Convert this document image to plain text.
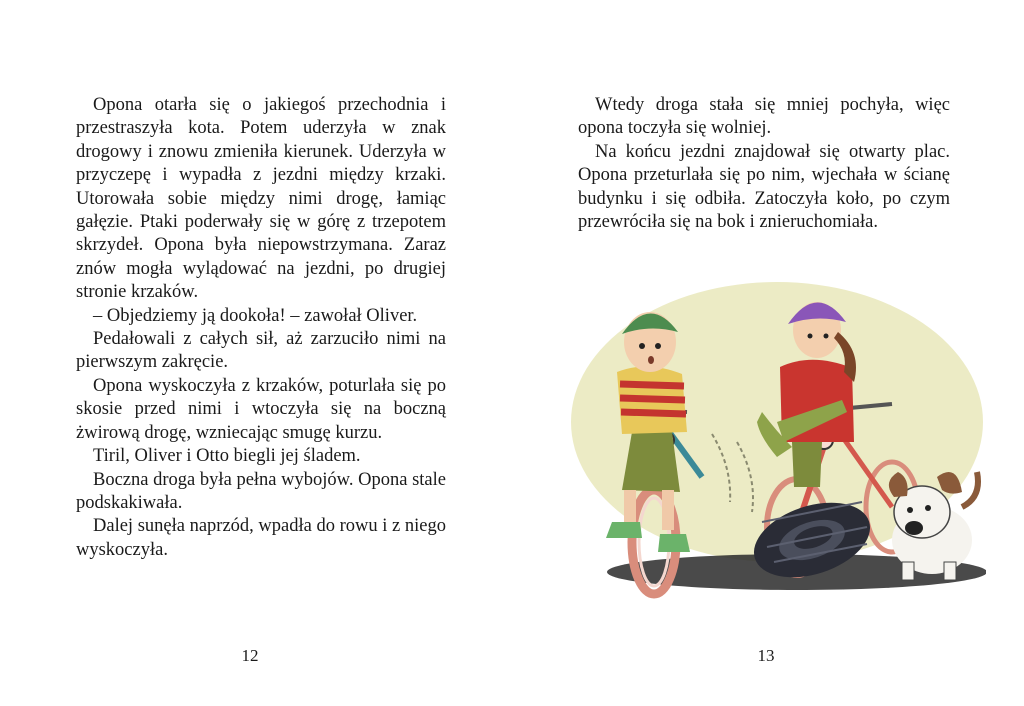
Opona otarła się o jakiegoś przechodnia i przestraszyła kota. Potem uderzyła w znak drogowy i znowu zmieniła kierunek. Uderzyła w przyczepę i wypadła z jezdni między krzaki. Utorowała sobie między nimi drogę, łamiąc gałęzie. Ptaki poderwały się w górę z trzepotem skrzydeł. Opona była niepowstrzymana. Zaraz znów mogła wylądować na jezdni, po drugiej stronie krzaków.

– Objedziemy ją dookoła! – zawołał Oliver.

Pedałowali z całych sił, aż zarzuciło nimi na pierwszym zakręcie.

Opona wyskoczyła z krzaków, poturlała się po skosie przed nimi i wtoczyła się na boczną żwirową drogę, wzniecając smugę kurzu.

Tiril, Oliver i Otto biegli jej śladem.

Boczna droga była pełna wybojów. Opona stale podskakiwała.

Dalej sunęła naprzód, wpadła do rowu i z niego wyskoczyła.

12

Wtedy droga stała się mniej pochyła, więc opona toczyła się wolniej.

Na końcu jezdni znajdował się otwarty plac. Opona przeturlała się po nim, wjechała w ścianę budynku i się odbiła. Zatoczyła koło, po czym przewróciła się na bok i znieruchomiała.

13
